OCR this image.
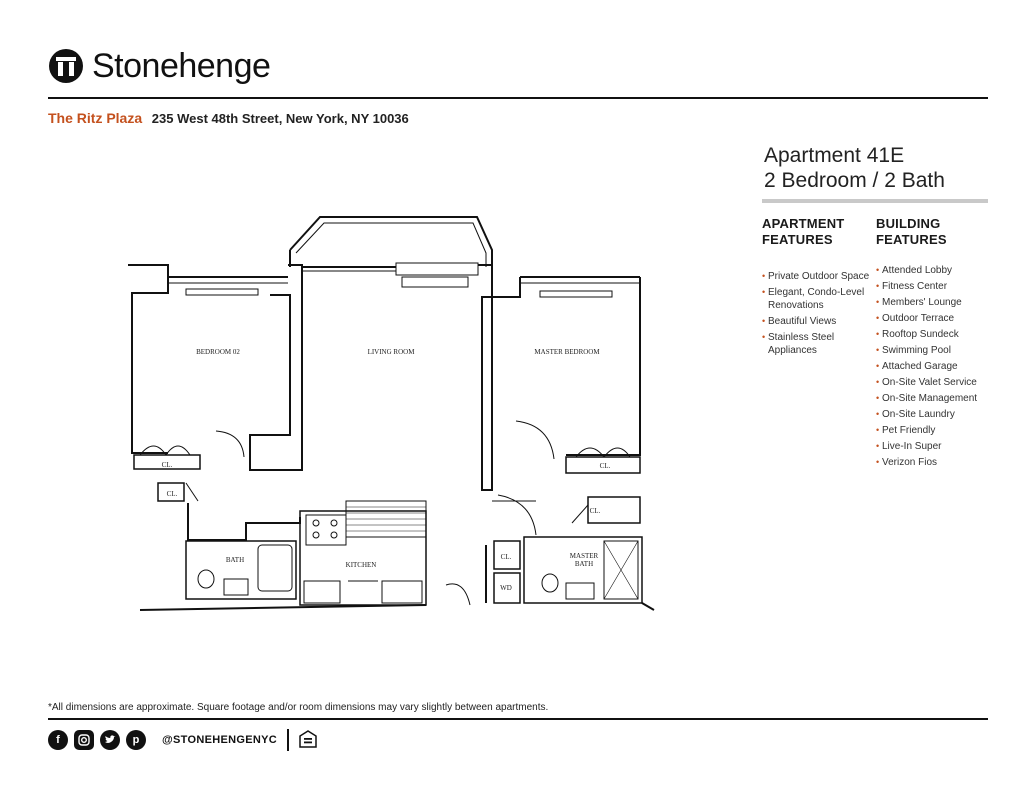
Stonehenge
The Ritz Plaza 235 West 48th Street, New York, NY 10036
Apartment 41E
2 Bedroom / 2 Bath
APARTMENT
FEATURES
• Private Outdoor Space
• Elegant, Condo-Level Renovations
• Beautiful Views
• Stainless Steel Appliances
BUILDING
FEATURES
• Attended Lobby
• Fitness Center
• Members' Lounge
• Outdoor Terrace
• Rooftop Sundeck
• Swimming Pool
• Attached Garage
• On-Site Valet Service
• On-Site Management
• On-Site Laundry
• Pet Friendly
• Live-In Super
• Verizon Fios
BEDROOM 02	LIVING ROOM	MASTER BEDROOM
CL.
CL.
CL.
CL.
BATH
KITCHEN
CL.
WD
MASTER
BATH
*All dimensions are approximate. Square footage and/or room dimensions may vary slightly between apartments.
f	p	@STONEHENGENYC
